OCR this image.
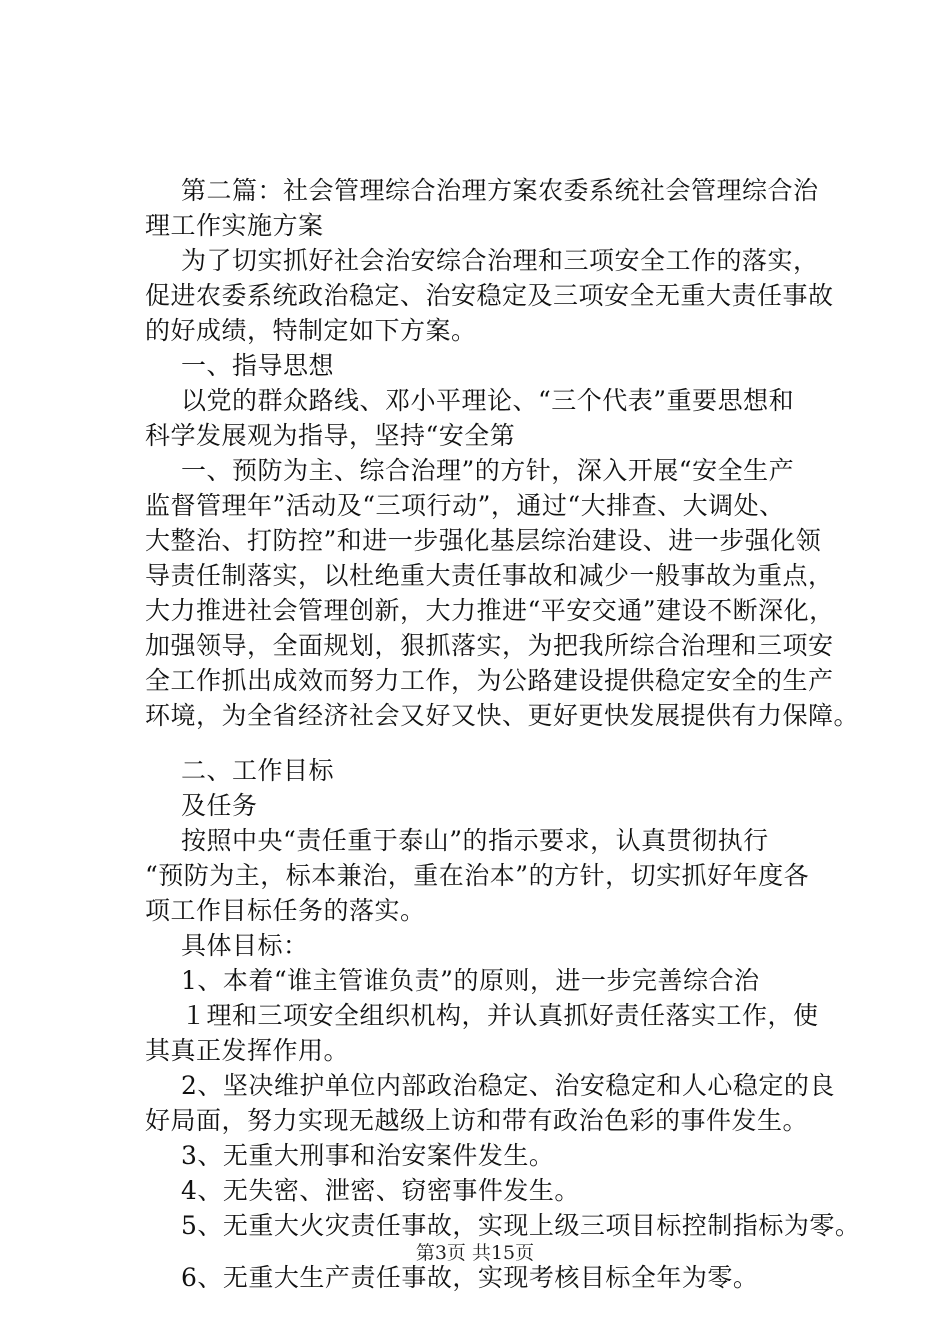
第二篇：社会管理综合治理方案农委系统社会管理综合治
理工作实施方案
为了切实抓好社会治安综合治理和三项安全工作的落实，
促进农委系统政治稳定、治安稳定及三项安全无重大责任事故
的好成绩，特制定如下方案。
一、指导思想
以党的群众路线、邓小平理论、“三个代表”重要思想和
科学发展观为指导，坚持“安全第
一、预防为主、综合治理”的方针，深入开展“安全生产
监督管理年”活动及“三项行动”，通过“大排查、大调处、
大整治、打防控”和进一步强化基层综治建设、进一步强化领
导责任制落实，以杜绝重大责任事故和减少一般事故为重点，
大力推进社会管理创新，大力推进“平安交通”建设不断深化，
加强领导，全面规划，狠抓落实，为把我所综合治理和三项安
全工作抓出成效而努力工作，为公路建设提供稳定安全的生产
环境，为全省经济社会又好又快、更好更快发展提供有力保障。
二、工作目标
及任务
按照中央“责任重于泰山”的指示要求，认真贯彻执行
“预防为主，标本兼治，重在治本”的方针，切实抓好年度各
项工作目标任务的落实。
具体目标：
1、本着“谁主管谁负责”的原则，进一步完善综合治
１理和三项安全组织机构，并认真抓好责任落实工作，使
其真正发挥作用。
2、坚决维护单位内部政治稳定、治安稳定和人心稳定的良
好局面，努力实现无越级上访和带有政治色彩的事件发生。
3、无重大刑事和治安案件发生。
4、无失密、泄密、窃密事件发生。
5、无重大火灾责任事故，实现上级三项目标控制指标为零。
6、无重大生产责任事故，实现考核目标全年为零。
第3页 共15页
